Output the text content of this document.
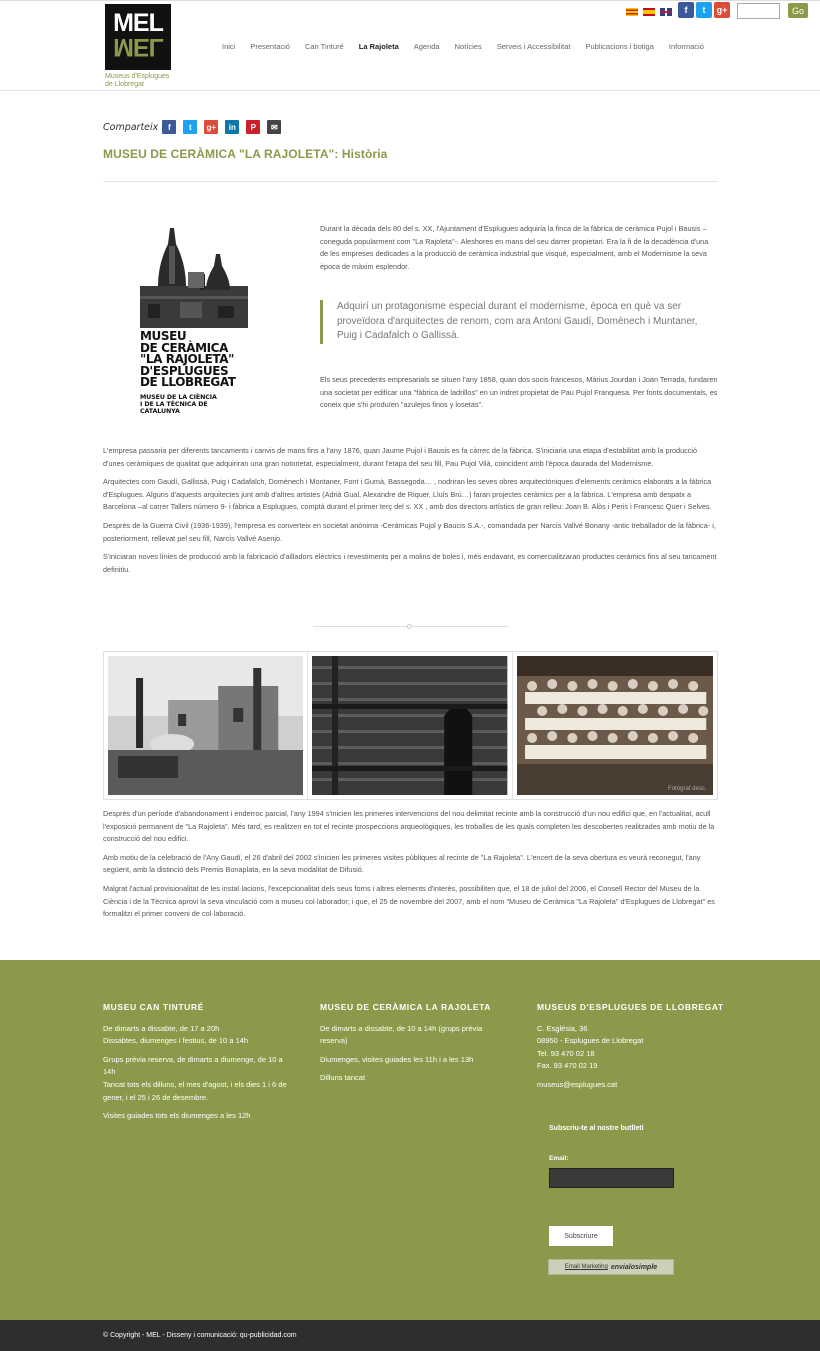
MEL
MEL
Museus d'Esplugues
de Llobregat
f	t	g+	Go
Inici Presentació Can Tinturé La Rajoleta Agenda Notícies Serveis i Accessibilitat Publicacions i botiga Informació
Comparteix	f	t	g+	in	P	✉
MUSEU DE CERÀMICA "LA RAJOLETA": Història
MUSEU
DE CERÀMICA
"LA RAJOLETA"
D'ESPLUGUES
DE LLOBREGAT
MUSEU DE LA CIÈNCIA
I DE LA TÈCNICA DE CATALUNYA

Durant la dècada dels 80 del s. XX, l'Ajuntament d'Esplugues adquiria la finca de la fàbrica de ceràmica Pujol i Bausis –coneguda popularment com "La Rajoleta"-. Aleshores en mans del seu darrer propietari. Era la fi de la decadència d'una de les empreses dedicades a la producció de ceràmica industrial que visqué, especialment, amb el Modernisme la seva època de màxim esplendor.

Adquirí un protagonisme especial durant el modernisme, època en què va ser proveïdora d'arquitectes de renom, com ara Antoni Gaudí, Domènech i Muntaner, Puig i Cadafalch o Gallissà.

Els seus precedents empresarials se situen l'any 1858, quan dos socis francesos, Màrius Jourdan i Joan Terrada, fundaren una societat per edificar una "fàbrica de ladrillos" en un indret propietat de Pau Pujol Franquesa. Per fonts documentals, es coneix que s'hi produïen "azulejos finos y losetas".

L'empresa passaria per diferents tancaments i canvis de mans fins a l'any 1876, quan Jaume Pujol i Bausis es fa càrrec de la fàbrica. S'iniciaria una etapa d'estabilitat amb la producció d'unes ceràmiques de qualitat que adquiriran una gran notorietat, especialment, durant l'etapa del seu fill, Pau Pujol Vilà, coincident amb l'època daurada del Modernisme.

Arquitectes com Gaudí, Gallissà, Puig i Cadafalch, Domènech i Montaner, Font i Gumà, Bassegoda… , nodriran les seves obres arquitectòniques d'elements ceràmics elaborats a la fàbrica d'Esplugues. Alguns d'aquests arquitectes junt amb d'altres artistes (Adrià Gual, Alexandre de Riquer, Lluís Brú…) faran projectes ceràmics per a la fàbrica. L'empresa amb despatx a Barcelona –al carrer Tallers número 9- i fàbrica a Esplugues, comptà durant el primer terç del s. XX , amb dos directors artístics de gran relleu: Joan B. Alòs i Peris i Francesc Quer i Selves.

Després de la Guerra Civil (1936-1939), l'empresa es converteix en societat anònima -Cerámicas Pujol y Baucis S.A.-, comandada per Narcís Vallvé Bonany -antic treballador de la fàbrica- i, posteriorment, rellevat pel seu fill, Narcís Vallvé Asenjo.

S'iniciaran noves línies de producció amb la fabricació d'ailladors elèctrics i revestiments per a molins de boles i, més endavant, es comercialitzaran productes ceràmics fins al seu tancament definitiu.

Fotògraf desc.

Després d'un període d'abandonament i enderroc parcial, l'any 1994 s'inicien les primeres intervencions del nou delimitat recinte amb la construcció d'un nou edifici que, en l'actualitat, acull l'exposició permanent de "La Rajoleta". Més tard, es realitzen en tot el recinte prospeccions arqueològiques, les troballes de les quals completen les descobertes realitzades amb motiu de la construcció del nou edifici.

Amb motiu de la celebració de l'Any Gaudí, el 26 d'abril del 2002 s'inicien les primeres visites públiques al recinte de "La Rajoleta". L'encert de la seva obertura es veurà reconegut, l'any següent, amb la distinció dels Premis Bonaplata, en la seva modalitat de Difusió.

Malgrat l'actual provisionalitat de les instal·lacions, l'excepcionalitat dels seus forns i altres elements d'interès, possibiliten que, el 18 de juliol del 2006, el Consell Rector del Museu de la Ciència i de la Tècnica aprovi la seva vinculació com a museu col·laborador; i que, el 25 de novembre del 2007, amb el nom "Museu de Ceràmica "La Rajoleta" d'Esplugues de Llobregat" es formalitzi el primer conveni de col·laboració.

MUSEU CAN TINTURÉ

De dimarts a dissabte, de 17 a 20h
Dissabtes, diumenges i festius, de 10 a 14h

Grups prèvia reserva, de dimarts a diumenge, de 10 a 14h
Tancat tots els dilluns, el mes d'agost, i els dies 1 i 6 de gener, i el 25 i 26 de desembre.

Visites guiades tots els diumenges a les 12h

MUSEU DE CERÀMICA LA RAJOLETA

De dimarts a dissabte, de 10 a 14h (grups prèvia reserva)

Diumenges, visites guiades les 11h i a les 13h

Dilluns tancat

MUSEUS D'ESPLUGUES DE LLOBREGAT

C. Església, 36
08950 - Esplugues de Llobregat
Tel. 93 470 02 18
Fax. 93 470 02 19

museus@esplugues.cat

Subscriu-te al nostre butlletí
Email:
Subscriure
Email Marketing envialosimple
© Copyright - MEL - Disseny i comunicació: qu-publicidad.com
